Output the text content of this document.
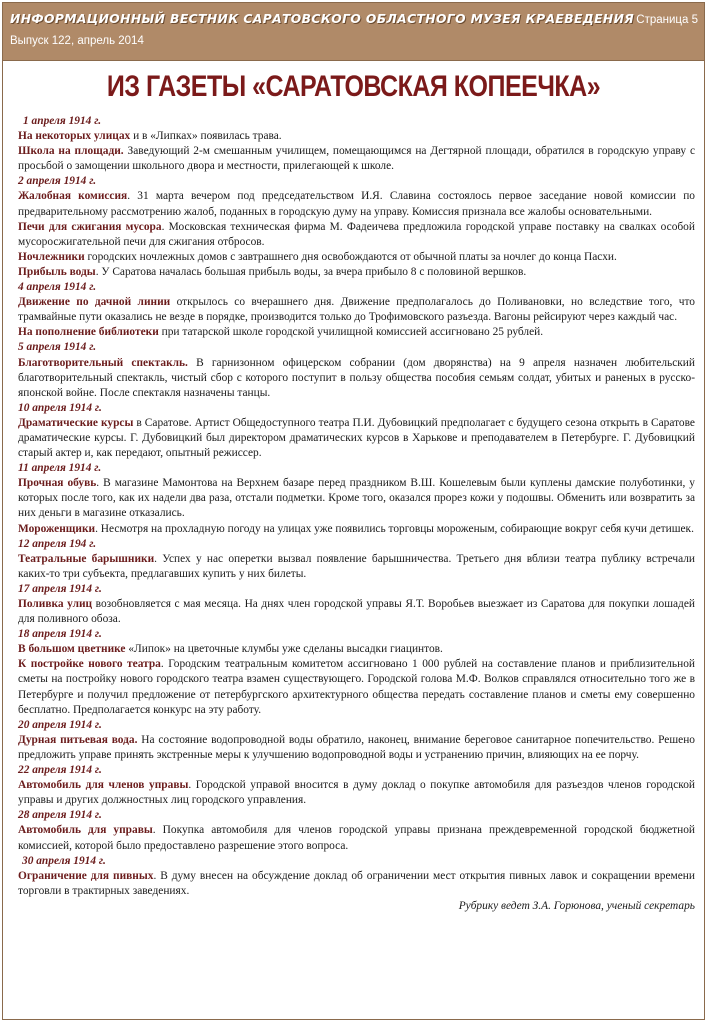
ИНФОРМАЦИОННЫЙ ВЕСТНИК САРАТОВСКОГО ОБЛАСТНОГО МУЗЕЯ КРАЕВЕДЕНИЯ
Выпуск 122, апрель 2014
Страница 5
ИЗ ГАЗЕТЫ «САРАТОВСКАЯ КОПЕЕЧКА»

1 апреля 1914 г.

На некоторых улицах и в «Липках» появилась трава.

Школа на площади. Заведующий 2-м смешанным училищем, помещающимся на Дегтярной площади, обратился в городскую управу с просьбой о замощении школьного двора и местности, прилегающей к школе.

2 апреля 1914 г.

Жалобная комиссия. 31 марта вечером под председательством И.Я. Славина состоялось первое заседание новой комиссии по предварительному рассмотрению жалоб, поданных в городскую думу на управу. Комиссия признала все жалобы основательными.

Печи для сжигания мусора. Московская техническая фирма М. Фадеичева предложила городской управе поставку на свалках особой мусоросжигательной печи для сжигания отбросов.

Ночлежники городских ночлежных домов с завтрашнего дня освобождаются от обычной платы за ночлег до конца Пасхи.

Прибыль воды. У Саратова началась большая прибыль воды, за вчера прибыло 8 с половиной вершков.

4 апреля 1914 г.

Движение по дачной линии открылось со вчерашнего дня. Движение предполагалось до Поливановки, но вследствие того, что трамвайные пути оказались не везде в порядке, производится только до Трофимовского разъезда. Вагоны рейсируют через каждый час.

На пополнение библиотеки при татарской школе городской училищной комиссией ассигновано 25 рублей.

5 апреля 1914 г.

Благотворительный спектакль. В гарнизонном офицерском собрании (дом дворянства) на 9 апреля назначен любительский благотворительный спектакль, чистый сбор с которого поступит в пользу общества пособия семьям солдат, убитых и раненых в русско-японской войне. После спектакля назначены танцы.

10 апреля 1914 г.

Драматические курсы в Саратове. Артист Общедоступного театра П.И. Дубовицкий предполагает с будущего сезона открыть в Саратове драматические курсы. Г. Дубовицкий был директором драматических курсов в Харькове и преподавателем в Петербурге. Г. Дубовицкий старый актер и, как передают, опытный режиссер.

11 апреля 1914 г.

Прочная обувь. В магазине Мамонтова на Верхнем базаре перед праздником В.Ш. Кошелевым были куплены дамские полуботинки, у которых после того, как их надели два раза, отстали подметки. Кроме того, оказался прорез кожи у подошвы. Обменить или возвратить за них деньги в магазине отказались.

Мороженщики. Несмотря на прохладную погоду на улицах уже появились торговцы мороженым, собирающие вокруг себя кучи детишек.

12 апреля 194 г.

Театральные барышники. Успех у нас оперетки вызвал появление барышничества. Третьего дня вблизи театра публику встречали каких-то три субъекта, предлагавших купить у них билеты.

17 апреля 1914 г.

Поливка улиц возобновляется с мая месяца. На днях член городской управы Я.Т. Воробьев выезжает из Саратова для покупки лошадей для поливного обоза.

18 апреля 1914 г.

В большом цветнике «Липок» на цветочные клумбы уже сделаны высадки гиацинтов.

К постройке нового театра. Городским театральным комитетом ассигновано 1 000 рублей на составление планов и приблизительной сметы на постройку нового городского театра взамен существующего. Городской голова М.Ф. Волков справлялся относительно того же в Петербурге и получил предложение от петербургского архитектурного общества передать составление планов и сметы ему совершенно бесплатно. Предполагается конкурс на эту работу.

20 апреля 1914 г.

Дурная питьевая вода. На состояние водопроводной воды обратило, наконец, внимание береговое санитарное попечительство. Решено предложить управе принять экстренные меры к улучшению водопроводной воды и устранению причин, влияющих на ее порчу.

22 апреля 1914 г.

Автомобиль для членов управы. Городской управой вносится в думу доклад о покупке автомобиля для разъездов членов городской управы и других должностных лиц городского управления.

28 апреля 1914 г.

Автомобиль для управы. Покупка автомобиля для членов городской управы признана преждевременной городской бюджетной комиссией, которой было предоставлено разрешение этого вопроса.

30 апреля 1914 г.

Ограничение для пивных. В думу внесен на обсуждение доклад об ограничении мест открытия пивных лавок и сокращении времени торговли в трактирных заведениях.

Рубрику ведет З.А. Горюнова, ученый секретарь
